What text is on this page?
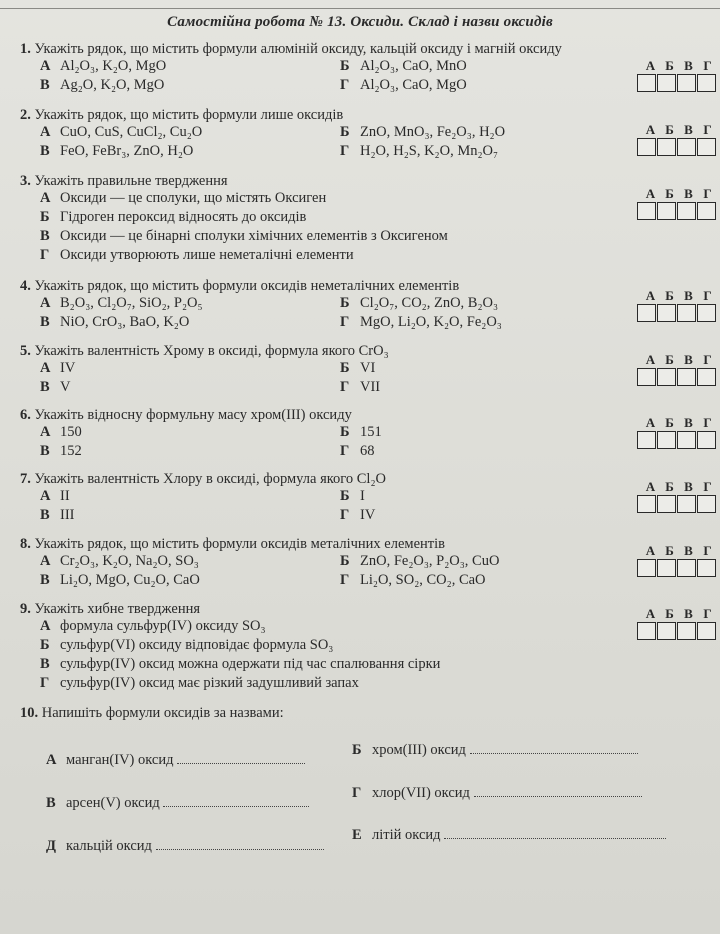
Самостійна робота № 13. Оксиди. Склад і назви оксидів
1. Укажіть рядок, що містить формули алюміній оксиду, кальцій оксиду і магній оксиду
А Al₂O₃, K₂O, MgO	Б Al₂O₃, CaO, MnO
В Ag₂O, K₂O, MgO	Г Al₂O₃, CaO, MgO
2. Укажіть рядок, що містить формули лише оксидів
А CuO, CuS, CuCl₂, Cu₂O	Б ZnO, MnO₃, Fe₂O₃, H₂O
В FeO, FeBr₃, ZnO, H₂O	Г H₂O, H₂S, K₂O, Mn₂O₇
3. Укажіть правильне твердження
А Оксиди — це сполуки, що містять Оксиген
Б Гідроген пероксид відносять до оксидів
В Оксиди — це бінарні сполуки хімічних елементів з Оксигеном
Г Оксиди утворюють лише неметалічні елементи
4. Укажіть рядок, що містить формули оксидів неметалічних елементів
А B₂O₃, Cl₂O₇, SiO₂, P₂O₅	Б Cl₂O₇, CO₂, ZnO, B₂O₃
В NiO, CrO₃, BaO, K₂O	Г MgO, Li₂O, K₂O, Fe₂O₃
5. Укажіть валентність Хрому в оксиді, формула якого CrO₃
А IV	Б VI
В V	Г VII
6. Укажіть відносну формульну масу хром(III) оксиду
А 150	Б 151
В 152	Г 68
7. Укажіть валентність Хлору в оксиді, формула якого Cl₂O
А II	Б I
В III	Г IV
8. Укажіть рядок, що містить формули оксидів металічних елементів
А Cr₂O₃, K₂O, Na₂O, SO₃	Б ZnO, Fe₂O₃, P₂O₃, CuO
В Li₂O, MgO, Cu₂O, CaO	Г Li₂O, SO₂, CO₂, CaO
9. Укажіть хибне твердження
А формула сульфур(IV) оксиду SO₃
Б сульфур(VI) оксиду відповідає формула SO₃
В сульфур(IV) оксид можна одержати під час спалювання сірки
Г сульфур(IV) оксид має різкий задушливий запах
10. Напишіть формули оксидів за назвами:
А манган(IV) оксид
Б хром(III) оксид
В арсен(V) оксид
Г хлор(VII) оксид
Д кальцій оксид
Е літій оксид
А Б В Г
А Б В Г
А Б В Г
А Б В Г
А Б В Г
А Б В Г
А Б В Г
А Б В Г
А Б В Г
